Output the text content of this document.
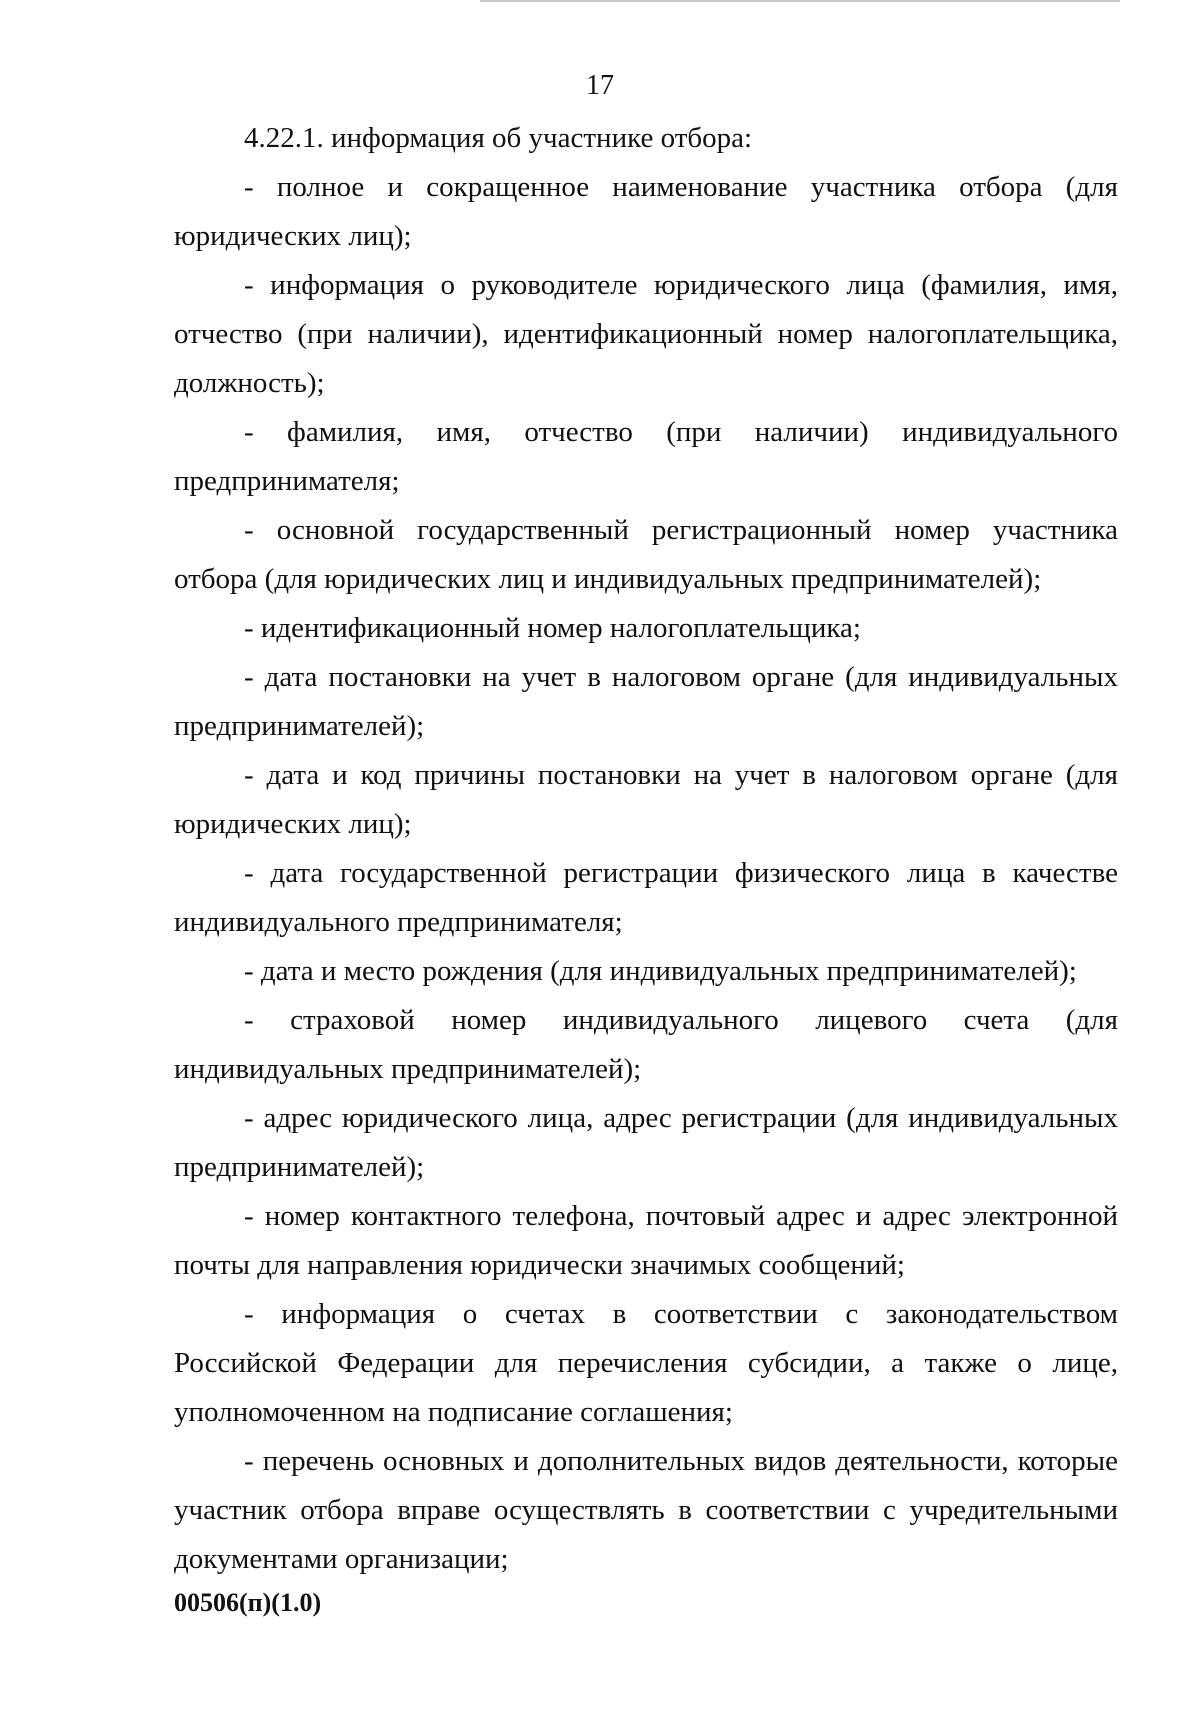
17

4.22.1. информация об участнике отбора:

- полное и сокращенное наименование участника отбора (для юридических лиц);

- информация о руководителе юридического лица (фамилия, имя, отчество (при наличии), идентификационный номер налогоплательщика, должность);

- фамилия, имя, отчество (при наличии) индивидуального предпринимателя;

- основной государственный регистрационный номер участника отбора (для юридических лиц и индивидуальных предпринимателей);

- идентификационный номер налогоплательщика;

- дата постановки на учет в налоговом органе (для индивидуальных предпринимателей);

- дата и код причины постановки на учет в налоговом органе (для юридических лиц);

- дата государственной регистрации физического лица в качестве индивидуального предпринимателя;

- дата и место рождения (для индивидуальных предпринимателей);

- страховой номер индивидуального лицевого счета (для индивидуальных предпринимателей);

- адрес юридического лица, адрес регистрации (для индивидуальных предпринимателей);

- номер контактного телефона, почтовый адрес и адрес электронной почты для направления юридически значимых сообщений;

- информация о счетах в соответствии с законодательством Российской Федерации для перечисления субсидии, а также о лице, уполномоченном на подписание соглашения;

- перечень основных и дополнительных видов деятельности, которые участник отбора вправе осуществлять в соответствии с учредительными документами организации;

00506(п)(1.0)
